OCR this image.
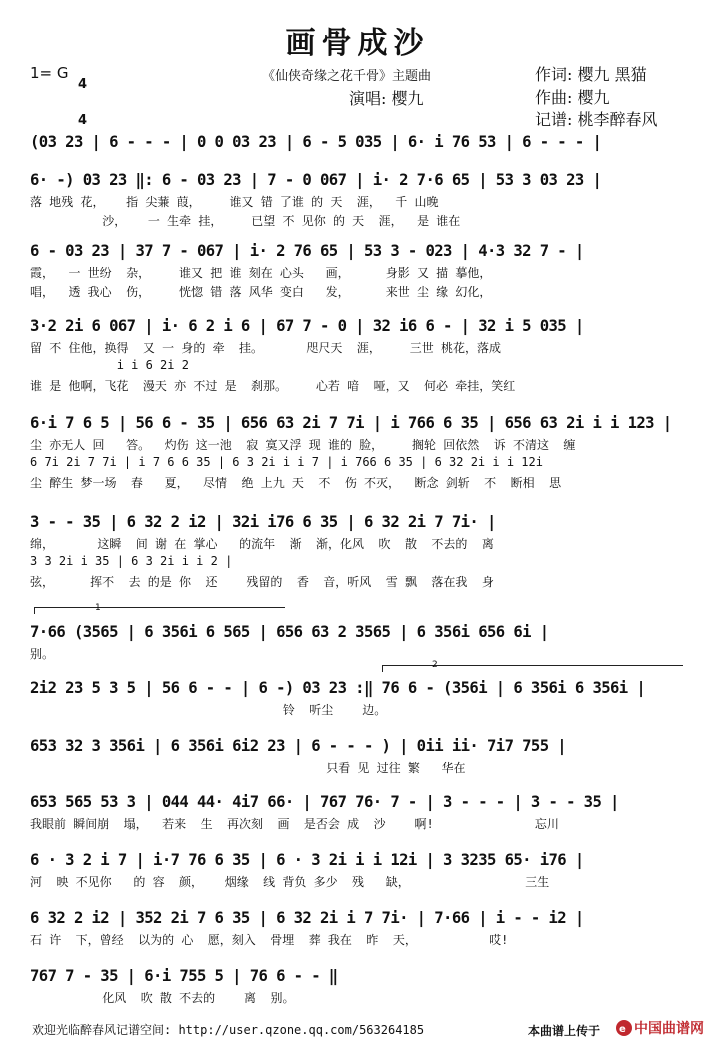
画骨成沙
1= G

4

4

《仙侠奇缘之花千骨》主题曲
演唱: 樱九
作词: 樱九 黑猫
作曲: 樱九
记谱: 桃李醉春风
1
2
(03 23 | 6 - - - | 0 0 03 23 | 6 - 5 035 | 6· i 76 53 | 6 - - - |
6· -) 03 23 ‖: 6 - 03 23 | 7 - 0 067 | i· 2 7·6 65 | 53 3 03 23 |
落 地残 花，   指 尖蒹 葭，    谁又 错 了谁 的 天  涯，  千 山晚
沙，   一 生牵 挂，    已望 不 见你 的 天  涯，  是 谁在
6 - 03 23 | 37 7 - 067 | i· 2 76 65 | 53 3 - 023 | 4·3 32 7 - |
霞，  一 世纷  杂，    谁又 把 谁 刻在 心头   画，     身影 又 描 摹他，
唱，  透 我心  伤，    恍惚 错 落 风华 变白   发，     来世 尘 缘 幻化，
3·2 2i 6 067 | i· 6 2 i 6 | 67 7 - 0 | 32 i6 6 - | 32 i 5 035 |
留 不 住他，换得  又 一 身的 牵  挂。      咫尺天  涯，    三世 桃花，落成
i i 6 2i 2
谁 是 他啊，飞花  漫天 亦 不过 是  刹那。    心若 喑  哑，又  何必 牵挂，笑红
6·i 7 6 5 | 56 6 - 35 | 656 63 2i 7 7i | i 766 6 35 | 656 63 2i i i 123 |
尘 亦无人 回   答。  灼伤 这一池  寂 寞又浮 现 谁的 脸，    搁轮 回依然  诉 不清这  缠
6 7i 2i 7 7i | i 7 6 6 35 | 6 3 2i i i 7 | i 766 6 35 | 6 32 2i i i 12i
尘 醉生 梦一场  春   夏，  尽情  绝 上九 天  不  伤 不灭，  断念 剑斩  不  断相  思
3 - - 35 | 6 32 2 i2 | 32i i76 6 35 | 6 32 2i 7 7i· |
绵，      这瞬  间 谢 在 掌心   的流年  渐  渐，化风  吹  散  不去的  离
3 3 2i i 35 | 6 3 2i i i 2 |
弦，     挥不  去 的是 你  还    残留的  香  音，听风  雪 飘  落在我  身
7·66 (3565 | 6 356i 6 565 | 656 63 2 3565 | 6 356i 656 6i |
别。
2i2 23 5 3 5 | 56 6 - - | 6 -) 03 23 :‖ 76 6 - (356i | 6 356i 6 356i |
铃  听尘    边。
653 32 3 356i | 6 356i 6i2 23 | 6 - - - ) | 0ii ii· 7i7 755 |
只看 见 过往 繁   华在
653 565 53 3 | 044 44· 4i7 66· | 767 76· 7 - | 3 - - - | 3 - - 35 |
我眼前 瞬间崩  塌，  若来  生  再次刻  画  是否会 成  沙    啊!              忘川
6 · 3 2 i 7 | i·7 76 6 35 | 6 · 3 2i i i 12i | 3 3235 65· i76 |
河  映 不见你   的 容  颜，   烟缘  线 背负 多少  残   缺，                三生
6 32 2 i2 | 352 2i 7 6 35 | 6 32 2i i 7 7i· | 7·66 | i - - i2 |
石 许  下，曾经  以为的 心  愿，刻入  骨埋  葬 我在  昨  天，          哎!
767 7 - 35 | 6·i 755 5 | 76 6 - - ‖
化风  吹 散 不去的    离  别。
欢迎光临醉春风记谱空间: http://user.qzone.qq.com/563264185	本曲谱上传于 e 中国曲谱网
